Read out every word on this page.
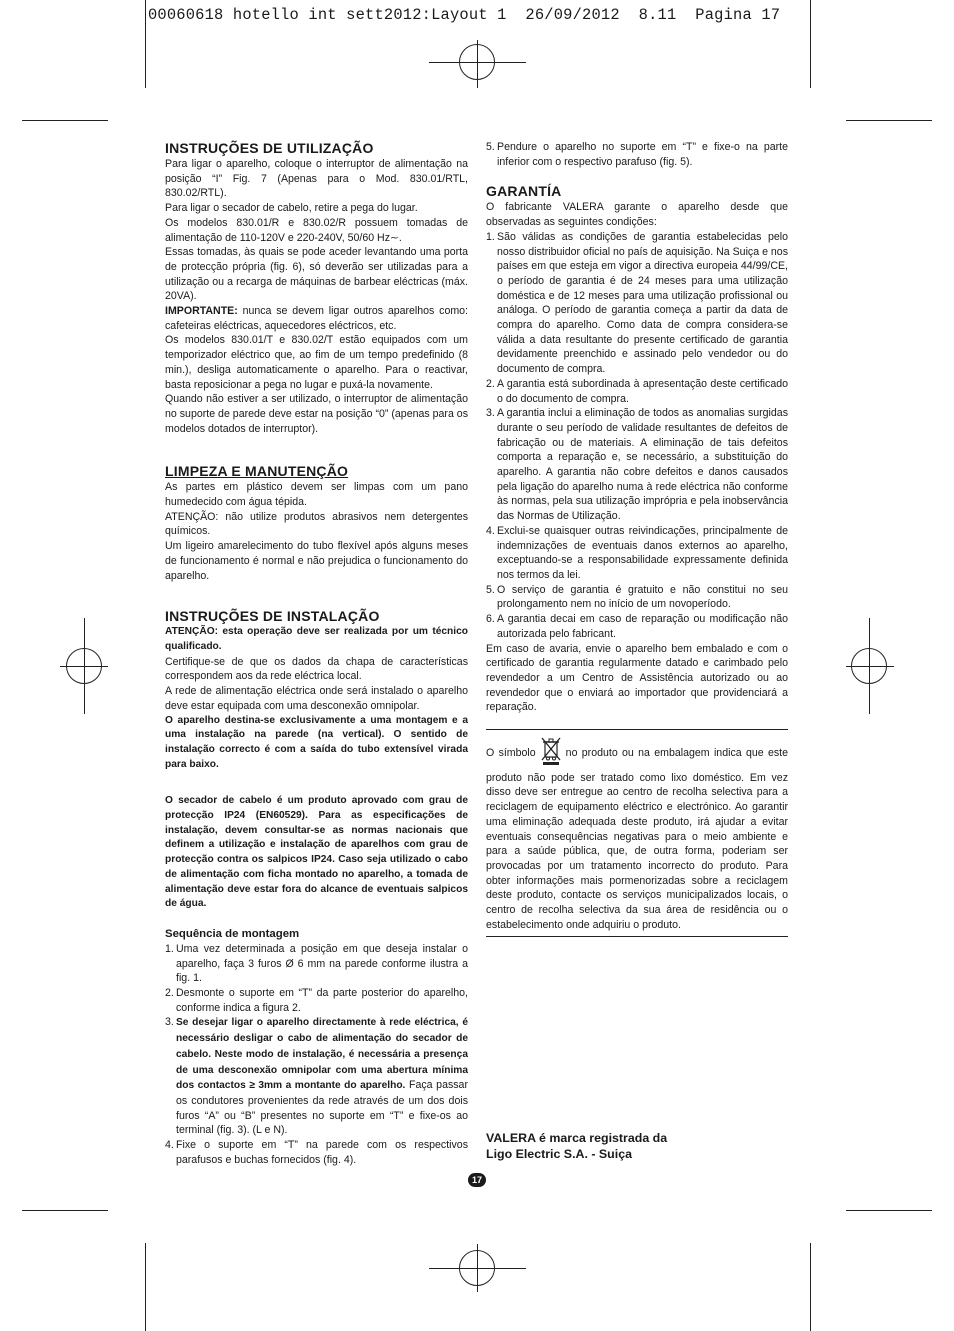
00060618 hotello int sett2012:Layout 1  26/09/2012  8.11  Pagina 17
INSTRUÇÕES DE UTILIZAÇÃO

Para ligar o aparelho, coloque o interruptor de alimentação na posição “I” Fig. 7 (Apenas para o Mod. 830.01/RTL, 830.02/RTL).

Para ligar o secador de cabelo, retire a pega do lugar.

Os modelos 830.01/R e 830.02/R possuem tomadas de alimentação de 110-120V e 220-240V, 50/60 Hz∼.

Essas tomadas, às quais se pode aceder levantando uma porta de protecção própria (fig. 6), só deverão ser utilizadas para a utilização ou a recarga de máquinas de barbear eléctricas (máx. 20VA).

IMPORTANTE: nunca se devem ligar outros aparelhos como: cafeteiras eléctricas, aquecedores eléctricos, etc.

Os modelos 830.01/T e 830.02/T estão equipados com um temporizador eléctrico que, ao fim de um tempo predefinido (8 min.), desliga automaticamente o aparelho. Para o reactivar, basta reposicionar a pega no lugar e puxá-la novamente.

Quando não estiver a ser utilizado, o interruptor de alimentação no suporte de parede deve estar na posição “0” (apenas para os modelos dotados de interruptor).

LIMPEZA E MANUTENÇÃO

As partes em plástico devem ser limpas com um pano humedecido com água tépida.

ATENÇÃO: não utilize produtos abrasivos nem detergentes químicos.

Um ligeiro amarelecimento do tubo flexível após alguns meses de funcionamento é normal e não prejudica o funcionamento do aparelho.

INSTRUÇÕES DE INSTALAÇÃO

ATENÇÃO: esta operação deve ser realizada por um técnico qualificado.

Certifique-se de que os dados da chapa de características correspondem aos da rede eléctrica local.

A rede de alimentação eléctrica onde será instalado o aparelho deve estar equipada com uma desconexão omnipolar.

O aparelho destina-se exclusivamente a uma montagem e a uma instalação na parede (na vertical). O sentido de instalação correcto é com a saída do tubo extensível virada para baixo.

O secador de cabelo é um produto aprovado com grau de protecção IP24 (EN60529). Para as especificações de instalação, devem consultar-se as normas nacionais que definem a utilização e instalação de aparelhos com grau de protecção contra os salpicos IP24. Caso seja utilizado o cabo de alimentação com ficha montado no aparelho, a tomada de alimentação deve estar fora do alcance de eventuais salpicos de água.

Sequência de montagem
1. Uma vez determinada a posição em que deseja instalar o aparelho, faça 3 furos Ø 6 mm na parede conforme ilustra a fig. 1.
2. Desmonte o suporte em “T” da parte posterior do aparelho, conforme indica a figura 2.
3. Se desejar ligar o aparelho directamente à rede eléctrica, é necessário desligar o cabo de alimentação do secador de cabelo. Neste modo de instalação, é necessária a presença de uma desconexão omnipolar com uma abertura mínima dos contactos ≥ 3mm a montante do aparelho. Faça passar os condutores provenientes da rede através de um dos dois furos “A” ou “B” presentes no suporte em “T” e fixe-os ao terminal (fig. 3). (L e N).
4. Fixe o suporte em “T” na parede com os respectivos parafusos e buchas fornecidos (fig. 4).
5. Pendure o aparelho no suporte em “T” e fixe-o na parte inferior com o respectivo parafuso (fig. 5).
GARANTÍA

O fabricante VALERA garante o aparelho desde que observadas as seguintes condições:

1. São válidas as condições de garantia estabelecidas pelo nosso distribuidor oficial no país de aquisição. Na Suiça e nos países em que esteja em vigor a directiva europeia 44/99/CE, o período de garantia é de 24 meses para uma utilização doméstica e de 12 meses para uma utilização profissional ou análoga. O período de garantia começa a partir da data de compra do aparelho. Como data de compra considera-se válida a data resultante do presente certificado de garantia devidamente preenchido e assinado pelo vendedor ou do documento de compra.
2. A garantia está subordinada à apresentação deste certificado o do documento de compra.
3. A garantia inclui a eliminação de todos as anomalias surgidas durante o seu período de validade resultantes de defeitos de fabricação ou de materiais. A eliminação de tais defeitos comporta a reparação e, se necessário, a substituição do aparelho. A garantia não cobre defeitos e danos causados pela ligação do aparelho numa à rede eléctrica não conforme às normas, pela sua utilização imprópria e pela inobservância das Normas de Utilização.
4. Exclui-se quaisquer outras reivindicações, principalmente de indemnizações de eventuais danos externos ao aparelho, exceptuando-se a responsabilidade expressamente definida nos termos da lei.
5. O serviço de garantia é gratuito e não constitui no seu prolongamento nem no início de um novoperíodo.
6. A garantia decai em caso de reparação ou modificação não autorizada pelo fabricant.

Em caso de avaria, envie o aparelho bem embalado e com o certificado de garantia regularmente datado e carimbado pelo revendedor a um Centro de Assistência autorizado ou ao revendedor que o enviará ao importador que providenciará a reparação.

O símbolo	no produto ou na embalagem indica que este produto não pode ser tratado como lixo doméstico. Em vez disso deve ser entregue ao centro de recolha selectiva para a reciclagem de equipamento eléctrico e electrónico. Ao garantir uma eliminação adequada deste produto, irá ajudar a evitar eventuais consequências negativas para o meio ambiente e para a saúde pública, que, de outra forma, poderiam ser provocadas por um tratamento incorrecto do produto. Para obter informações mais pormenorizadas sobre a reciclagem deste produto, contacte os serviços municipalizados locais, o centro de recolha selectiva da sua área de residência ou o estabelecimento onde adquiriu o produto.

VALERA é marca registrada da
Ligo Electric S.A. - Suiça
17
